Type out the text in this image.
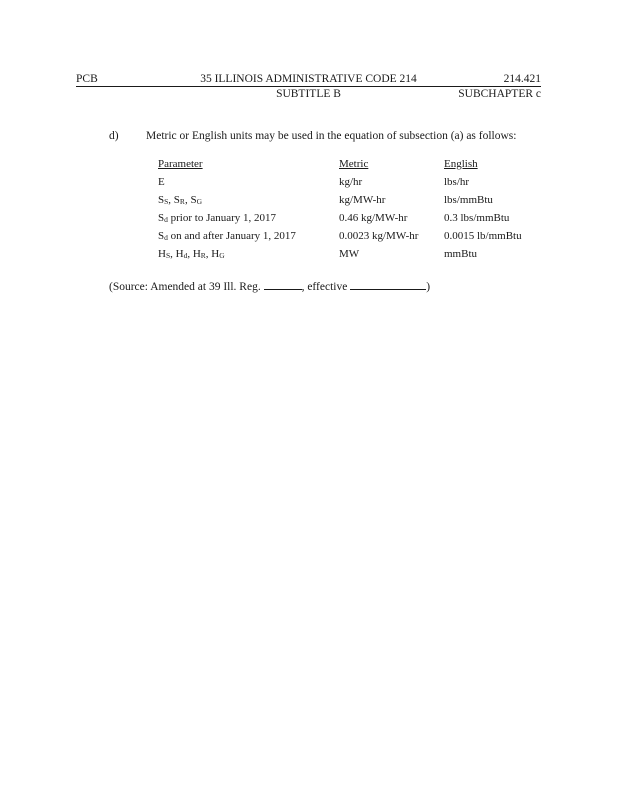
PCB	35 ILLINOIS ADMINISTRATIVE CODE 214	214.421
SUBTITLE B	SUBCHAPTER c
d) Metric or English units may be used in the equation of subsection (a) as follows:
Parameter	Metric	English
E	kg/hr	lbs/hr
SS, SR, SG	kg/MW-hr	lbs/mmBtu
Sd prior to January 1, 2017	0.46 kg/MW-hr	0.3 lbs/mmBtu
Sd on and after January 1, 2017	0.0023 kg/MW-hr	0.0015 lb/mmBtu
HS, Hd, HR, HG	MW	mmBtu
(Source: Amended at 39 Ill. Reg.	, effective	)
